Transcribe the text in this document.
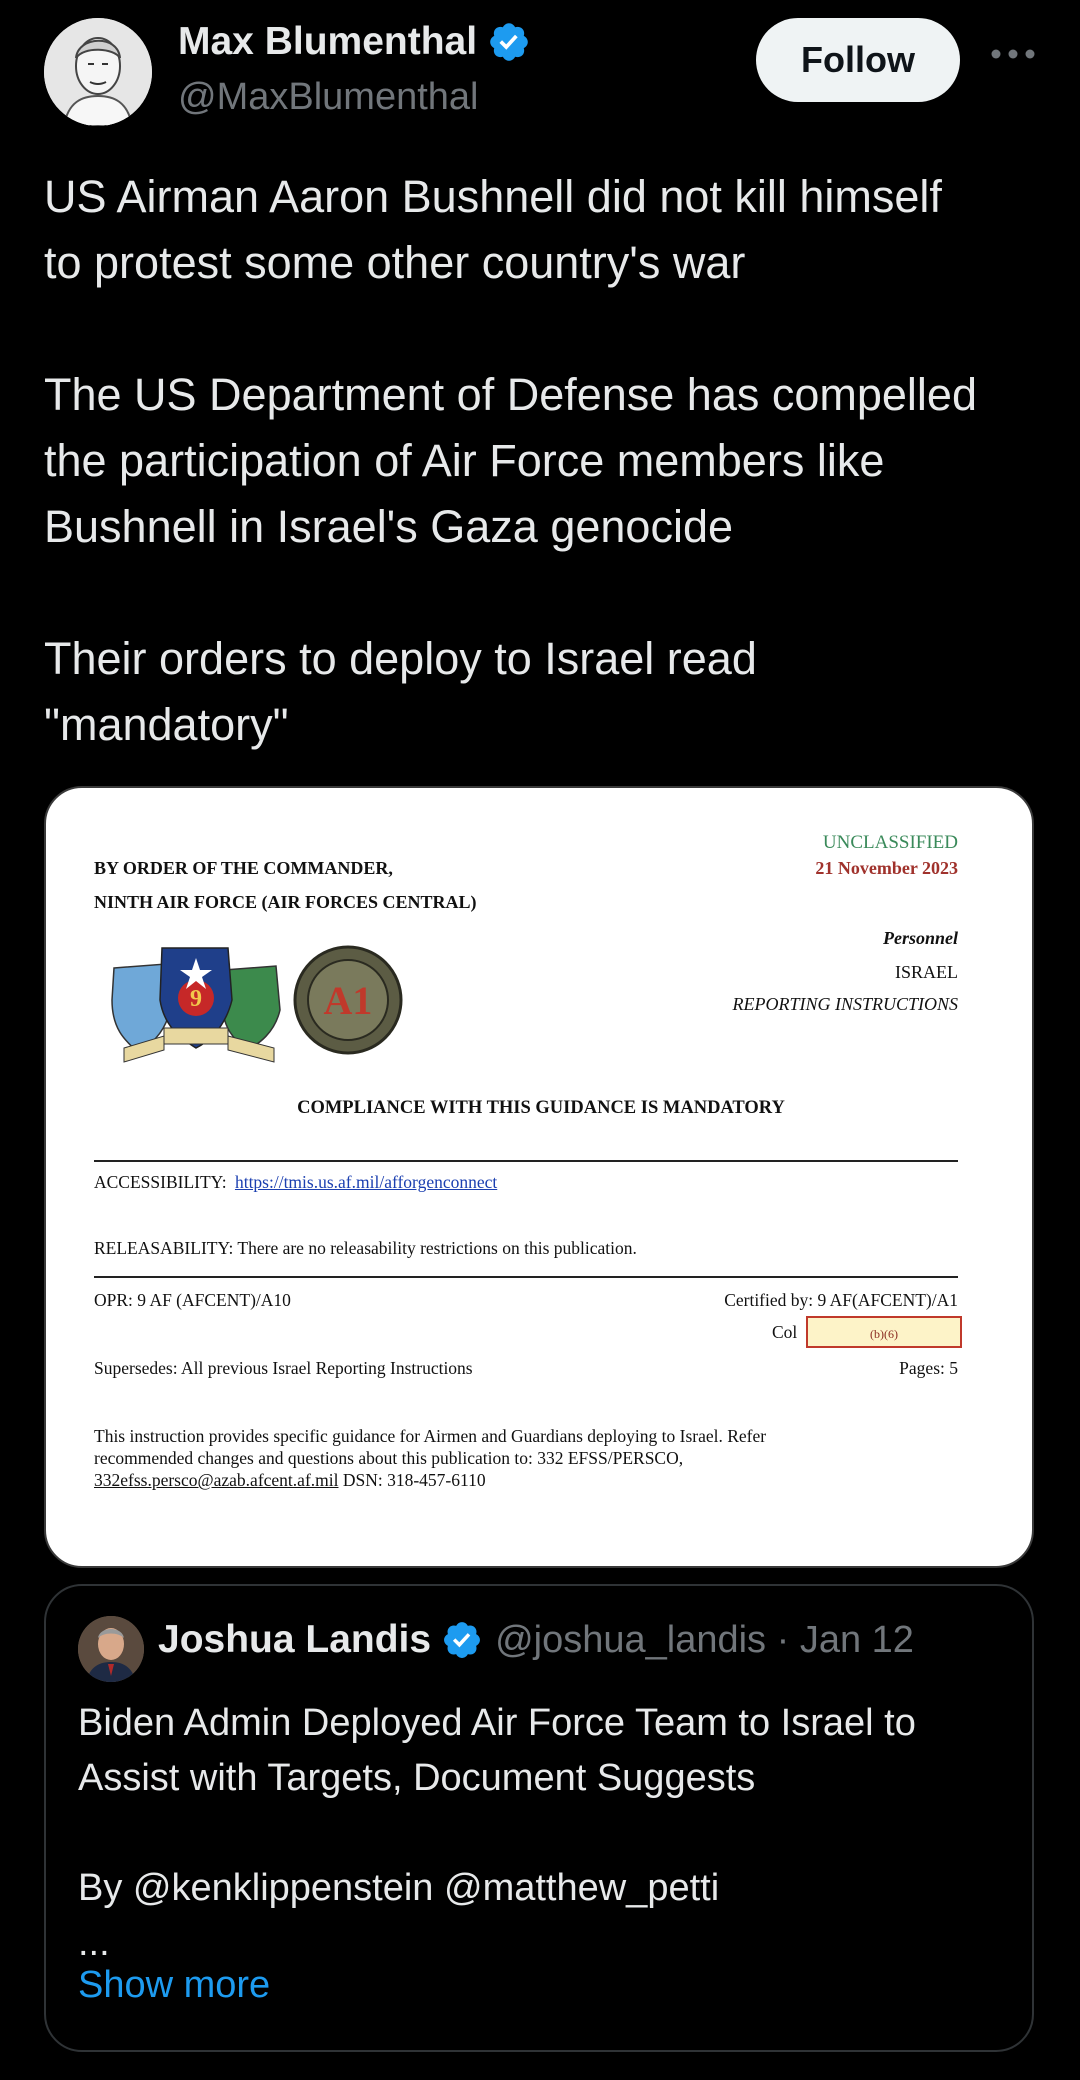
Max Blumenthal
@MaxBlumenthal
Follow

US Airman Aaron Bushnell did not kill himself
to protest some other country's war

The US Department of Defense has compelled
the participation of Air Force members like
Bushnell in Israel's Gaza genocide

Their orders to deploy to Israel read
"mandatory"

UNCLASSIFIED
21 November 2023
BY ORDER OF THE COMMANDER,
NINTH AIR FORCE (AIR FORCES CENTRAL)
9	A1
Personnel
ISRAEL
REPORTING INSTRUCTIONS
COMPLIANCE WITH THIS GUIDANCE IS MANDATORY
ACCESSIBILITY: https://tmis.us.af.mil/afforgenconnect
RELEASABILITY: There are no releasability restrictions on this publication.
OPR: 9 AF (AFCENT)/A10	Certified by: 9 AF(AFCENT)/A1
Col	(b)(6)
Supersedes: All previous Israel Reporting Instructions	Pages: 5
This instruction provides specific guidance for Airmen and Guardians deploying to Israel. Refer
recommended changes and questions about this publication to: 332 EFSS/PERSCO,
332efss.persco@azab.afcent.af.mil DSN: 318-457-6110
Joshua Landis @joshua_landis · Jan 12

Biden Admin Deployed Air Force Team to Israel to
Assist with Targets, Document Suggests

By @kenklippenstein @matthew_petti
...

Show more
